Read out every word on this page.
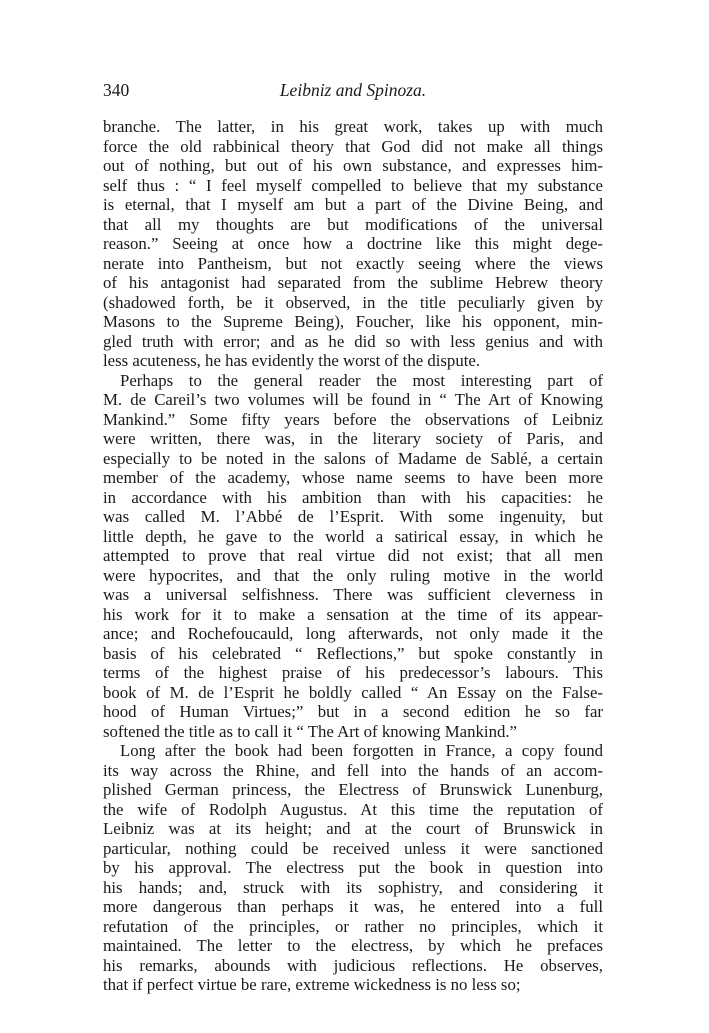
340	Leibniz and Spinoza.
branche. The latter, in his great work, takes up with much
force the old rabbinical theory that God did not make all things
out of nothing, but out of his own substance, and expresses him-
self thus : “ I feel myself compelled to believe that my substance
is eternal, that I myself am but a part of the Divine Being, and
that all my thoughts are but modifications of the universal
reason.” Seeing at once how a doctrine like this might dege-
nerate into Pantheism, but not exactly seeing where the views
of his antagonist had separated from the sublime Hebrew theory
(shadowed forth, be it observed, in the title peculiarly given by
Masons to the Supreme Being), Foucher, like his opponent, min-
gled truth with error; and as he did so with less genius and with
less acuteness, he has evidently the worst of the dispute.
Perhaps to the general reader the most interesting part of
M. de Careil’s two volumes will be found in “ The Art of Knowing
Mankind.” Some fifty years before the observations of Leibniz
were written, there was, in the literary society of Paris, and
especially to be noted in the salons of Madame de Sablé, a certain
member of the academy, whose name seems to have been more
in accordance with his ambition than with his capacities: he
was called M. l’Abbé de l’Esprit. With some ingenuity, but
little depth, he gave to the world a satirical essay, in which he
attempted to prove that real virtue did not exist; that all men
were hypocrites, and that the only ruling motive in the world
was a universal selfishness. There was sufficient cleverness in
his work for it to make a sensation at the time of its appear-
ance; and Rochefoucauld, long afterwards, not only made it the
basis of his celebrated “ Reflections,” but spoke constantly in
terms of the highest praise of his predecessor’s labours. This
book of M. de l’Esprit he boldly called “ An Essay on the False-
hood of Human Virtues;” but in a second edition he so far
softened the title as to call it “ The Art of knowing Mankind.”
Long after the book had been forgotten in France, a copy found
its way across the Rhine, and fell into the hands of an accom-
plished German princess, the Electress of Brunswick Lunenburg,
the wife of Rodolph Augustus. At this time the reputation of
Leibniz was at its height; and at the court of Brunswick in
particular, nothing could be received unless it were sanctioned
by his approval. The electress put the book in question into
his hands; and, struck with its sophistry, and considering it
more dangerous than perhaps it was, he entered into a full
refutation of the principles, or rather no principles, which it
maintained. The letter to the electress, by which he prefaces
his remarks, abounds with judicious reflections. He observes,
that if perfect virtue be rare, extreme wickedness is no less so;
